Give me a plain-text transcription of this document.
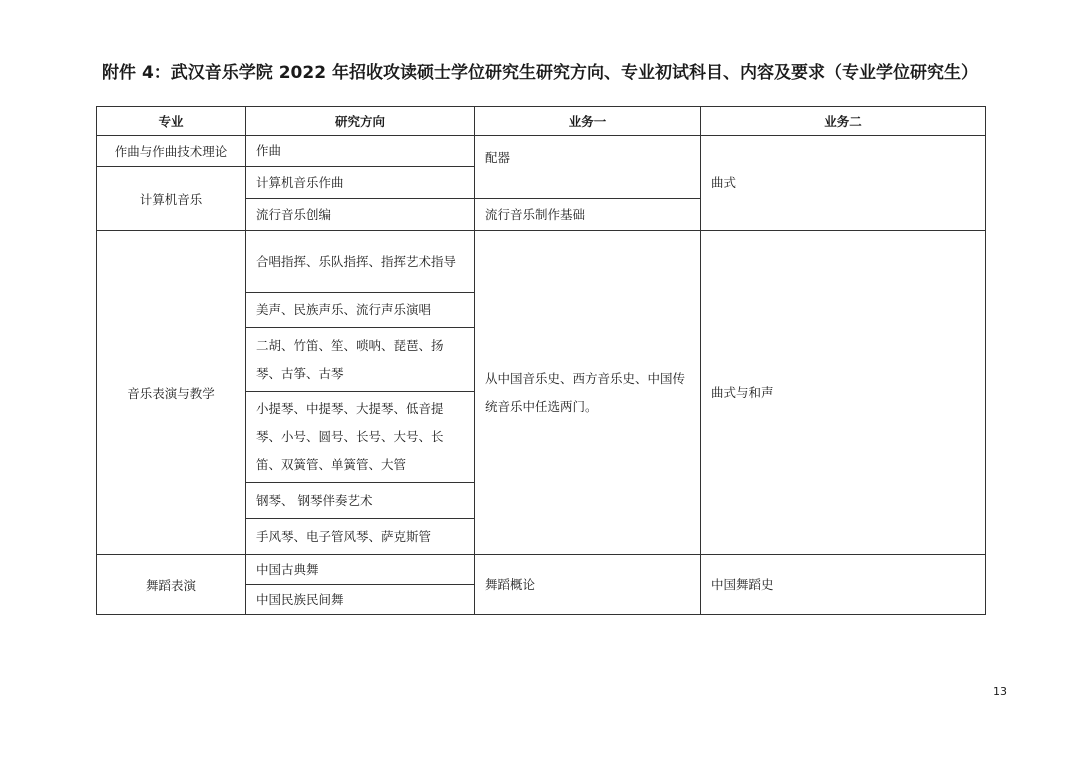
附件 4：武汉音乐学院 2022 年招收攻读硕士学位研究生研究方向、专业初试科目、内容及要求（专业学位研究生）
专业	研究方向	业务一	业务二
作曲与作曲技术理论	作曲	配器	曲式
计算机音乐	计算机音乐作曲		
	流行音乐创编	流行音乐制作基础	
音乐表演与教学	合唱指挥、乐队指挥、指挥艺术指导	从中国音乐史、西方音乐史、中国传统音乐中任选两门。	曲式与和声
	美声、民族声乐、流行声乐演唱		
	二胡、竹笛、笙、唢呐、琵琶、扬琴、古筝、古琴		
	小提琴、中提琴、大提琴、低音提琴、小号、圆号、长号、大号、长笛、双簧管、单簧管、大管		
	钢琴、 钢琴伴奏艺术		
	手风琴、电子管风琴、萨克斯管		
舞蹈表演	中国古典舞	舞蹈概论	中国舞蹈史
	中国民族民间舞		
13
